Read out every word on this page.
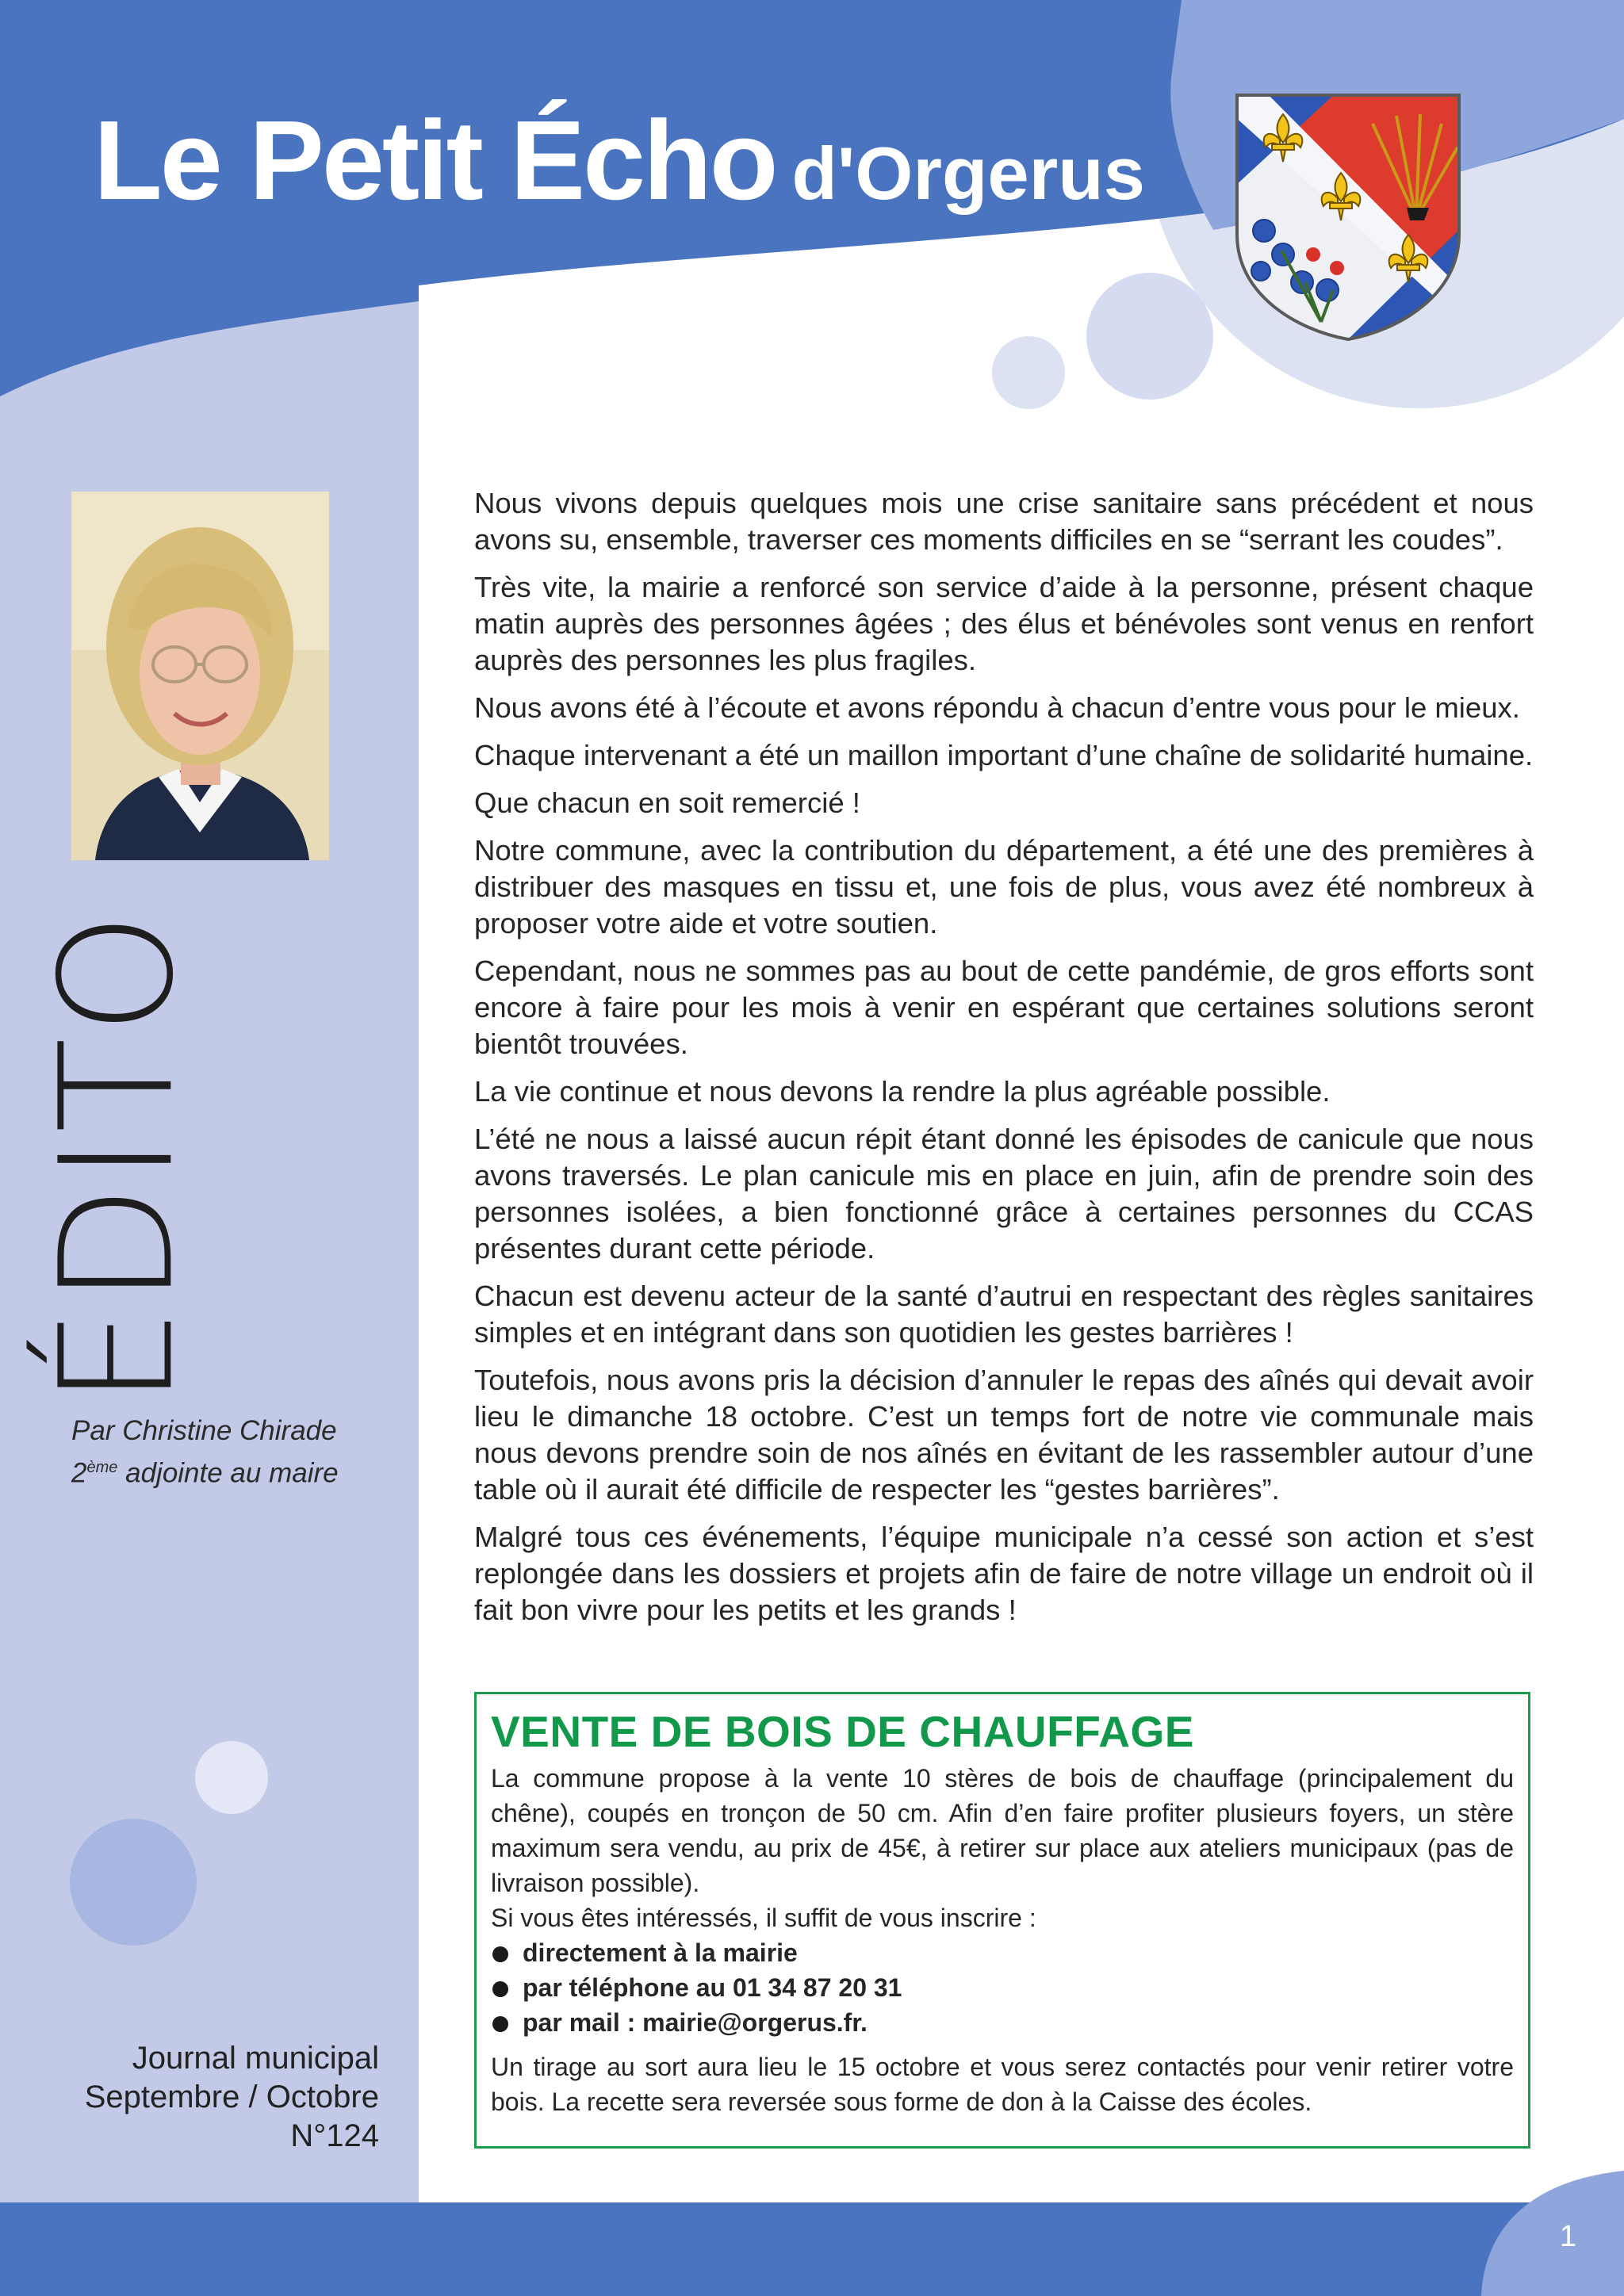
Le Petit Écho d'Orgerus
ÉDITO
Par Christine Chirade
2ème adjointe au maire
Journal municipal
Septembre / Octobre
N°124

Nous vivons depuis quelques mois une crise sanitaire sans précédent et nous avons su, ensemble, traverser ces moments difficiles en se “serrant les coudes”.

Très vite, la mairie a renforcé son service d’aide à la personne, présent chaque matin auprès des personnes âgées ; des élus et bénévoles sont venus en renfort auprès des personnes les plus fragiles.

Nous avons été à l’écoute et avons répondu à chacun d’entre vous pour le mieux.

Chaque intervenant a été un maillon important d’une chaîne de solidarité humaine.

Que chacun en soit remercié !

Notre commune, avec la contribution du département, a été une des premières à distribuer des masques en tissu et, une fois de plus, vous avez été nombreux à proposer votre aide et votre soutien.

Cependant, nous ne sommes pas au bout de cette pandémie, de gros efforts sont encore à faire pour les mois à venir en espérant que certaines solutions seront bientôt trouvées.

La vie continue et nous devons la rendre la plus agréable possible.

L’été ne nous a laissé aucun répit étant donné les épisodes de canicule que nous avons traversés. Le plan canicule mis en place en juin, afin de prendre soin des personnes isolées, a bien fonctionné grâce à certaines personnes du CCAS présentes durant cette période.

Chacun est devenu acteur de la santé d’autrui en respectant des règles sanitaires simples et en intégrant dans son quotidien les gestes barrières !

Toutefois, nous avons pris la décision d’annuler le repas des aînés qui devait avoir lieu le dimanche 18 octobre. C’est un temps fort de notre vie communale mais nous devons prendre soin de nos aînés en évitant de les rassembler autour d’une table où il aurait été difficile de respecter les “gestes barrières”.

Malgré tous ces événements, l’équipe municipale n’a cessé son action et s’est replongée dans les dossiers et projets afin de faire de notre village un endroit où il fait bon vivre pour les petits et les grands !

VENTE DE BOIS DE CHAUFFAGE

La commune propose à la vente 10 stères de bois de chauffage (principalement du chêne), coupés en tronçon de 50 cm. Afin d’en faire profiter plusieurs foyers, un stère maximum sera vendu, au prix de 45€, à retirer sur place aux ateliers municipaux (pas de livraison possible).

Si vous êtes intéressés, il suffit de vous inscrire :

directement à la mairie
par téléphone au 01 34 87 20 31
par mail : mairie@orgerus.fr.

Un tirage au sort aura lieu le 15 octobre et vous serez contactés pour venir retirer votre bois. La recette sera reversée sous forme de don à la Caisse des écoles.

1
